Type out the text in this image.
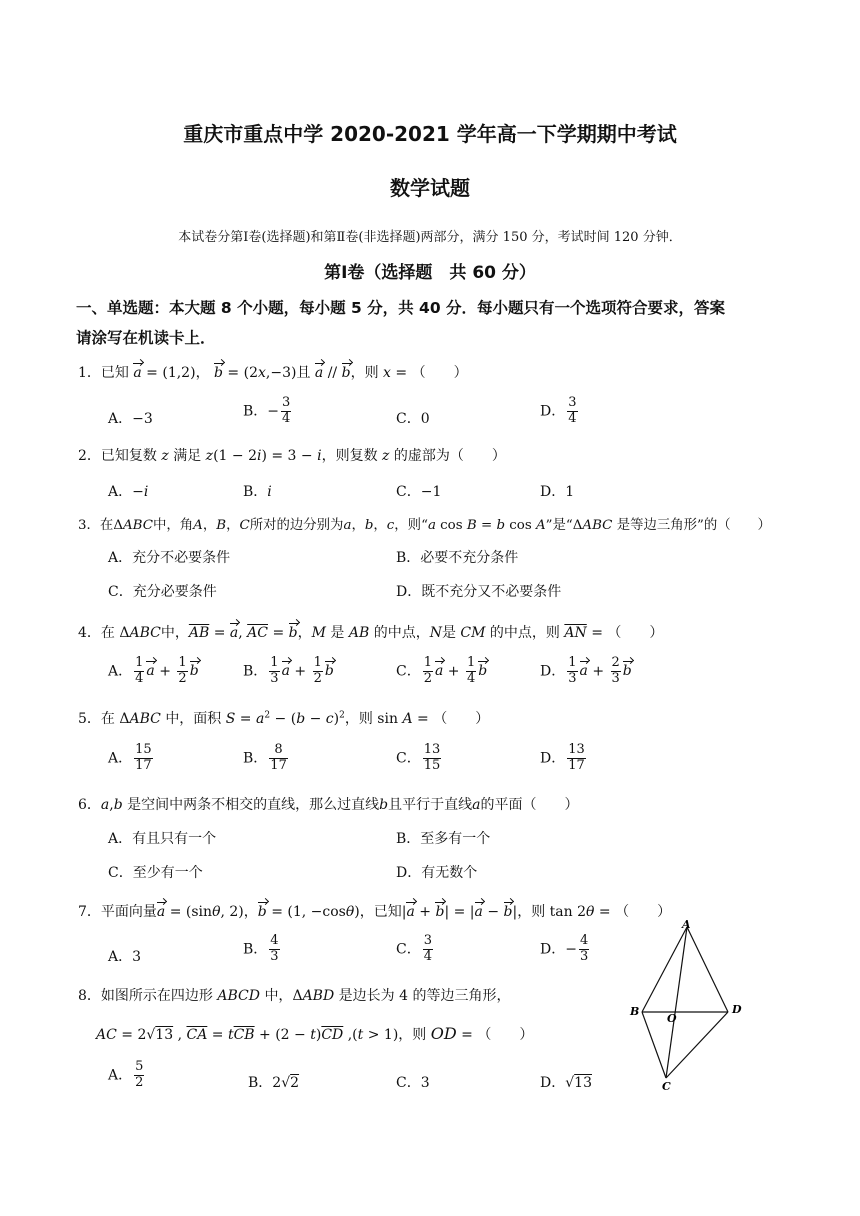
重庆市重点中学 2020-2021 学年高一下学期期中考试
数学试题
本试卷分第Ⅰ卷(选择题)和第Ⅱ卷(非选择题)两部分，满分 150 分，考试时间 120 分钟．
第Ⅰ卷（选择题　共 60 分）
一、单选题：本大题 8 个小题，每小题 5 分，共 40 分．每小题只有一个选项符合要求，答案
请涂写在机读卡上．
1．已知 a = (1,2)， b = (2x,−3)且 a // b，则 x = （　　）
A．−3	B．− $\frac{3}{4}$	C．0	D． $\frac{3}{4}$
2．已知复数 z 满足 z(1 − 2i) = 3 − i，则复数 z 的虚部为（　　）
A．−i	B．i	C．−1	D．1
3．在ΔABC中，角A，B，C所对的边分别为a，b，c，则“a cos B = b cos A”是“ΔABC 是等边三角形”的（　　）
A．充分不必要条件	B．必要不充分条件
C．充分必要条件	D．既不充分又不必要条件
4．在 ΔABC中，$\overline{AB} = a$, $\overline{AC} = b$，M 是 AB 的中点，N是 CM 的中点，则 $\overline{AN}$ = （　　）
A． $\frac{1}{4}$ $a + \frac{1}{2}$ b	B． $\frac{1}{3}$ $a + \frac{1}{2}$ b	C． $\frac{1}{2}$ $a + \frac{1}{4}$ b	D． $\frac{1}{3}$ $a + \frac{2}{3}$ b
5．在 ΔABC 中，面积 $S = a^2 - (b - c)^2$，则 sin A = （　　）
A． $\frac{15}{17}$	B． $\frac{8}{17}$	C． $\frac{13}{15}$	D． $\frac{13}{17}$
6．a,b 是空间中两条不相交的直线，那么过直线b且平行于直线a的平面（　　）
A．有且只有一个	B．至多有一个
C．至少有一个	D．有无数个
7．平面向量a = (sinθ, 2)，b = (1, −cosθ)，已知|a + b| = |a − b|，则 tan 2θ = （　　）
A．3	B． $\frac{4}{3}$	C． $\frac{3}{4}$	D．− $\frac{4}{3}$
8．如图所示在四边形 ABCD 中，ΔABD 是边长为 4 的等边三角形，
AC = 2√13 , $\overline{CA} = t\overline{CB} + (2 - t)\overline{CD}$ ,(t > 1)，则 OD = （　　）
A． $\frac{5}{2}$	B．2√2	C．3	D．√13
A
B
O
D
C
